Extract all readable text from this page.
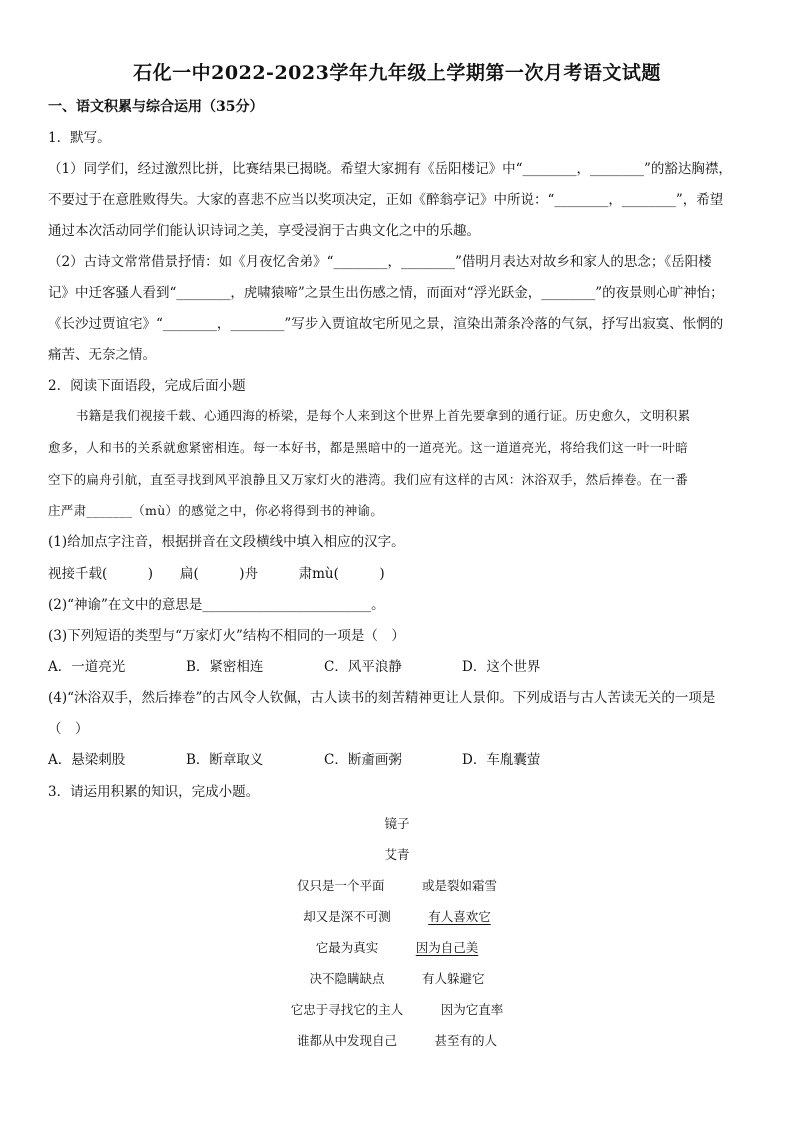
石化一中2022-2023学年九年级上学期第一次月考语文试题
一、语文积累与综合运用（35分）
1．默写。
（1）同学们，经过激烈比拼，比赛结果已揭晓。希望大家拥有《岳阳楼记》中“________，________”的豁达胸襟，
不要过于在意胜败得失。大家的喜悲不应当以奖项决定，正如《醉翁亭记》中所说：“________，________”，希望
通过本次活动同学们能认识诗词之美，享受浸润于古典文化之中的乐趣。
（2）古诗文常常借景抒情：如《月夜忆舍弟》“________，________”借明月表达对故乡和家人的思念；《岳阳楼
记》中迁客骚人看到“________，虎啸猿啼”之景生出伤感之情，而面对“浮光跃金，________”的夜景则心旷神怡；
《长沙过贾谊宅》“________，________”写步入贾谊故宅所见之景，渲染出萧条冷落的气氛，抒写出寂寞、怅惘的
痛苦、无奈之情。
2．阅读下面语段，完成后面小题
书籍是我们视接千载、心通四海的桥梁，是每个人来到这个世界上首先要拿到的通行证。历史愈久，文明积累
愈多，人和书的关系就愈紧密相连。每一本好书，都是黑暗中的一道亮光。这一道道亮光，将给我们这一叶一叶暗
空下的扁舟引航，直至寻找到风平浪静且又万家灯火的港湾。我们应有这样的古风：沐浴双手，然后捧卷。在一番
庄严肃_______（mù）的感觉之中，你必将得到书的神谕。
(1)给加点字注音，根据拼音在文段横线中填入相应的汉字。
视接千载(　　　)　　扁(　　　)舟　　　肃mù(　　　)
(2)“神谕”在文中的意思是_________________________。
(3)下列短语的类型与“万家灯火”结构不相同的一项是（　）
A．一道亮光	B．紧密相连	C．风平浪静	D．这个世界
(4)“沐浴双手，然后捧卷”的古风令人钦佩，古人读书的刻苦精神更让人景仰。下列成语与古人苦读无关的一项是
（　）
A．悬梁刺股	B．断章取义	C．断齑画粥	D．车胤囊萤
3．请运用积累的知识，完成小题。
镜子
艾青
仅只是一个平面　　　	或是裂如霜雪
却又是深不可测　　　	有人喜欢它
它最为真实　　　	因为自己美
决不隐瞒缺点　　　	有人躲避它
它忠于寻找它的主人　　　	因为它直率
谁都从中发现自己　　　	甚至有的人
